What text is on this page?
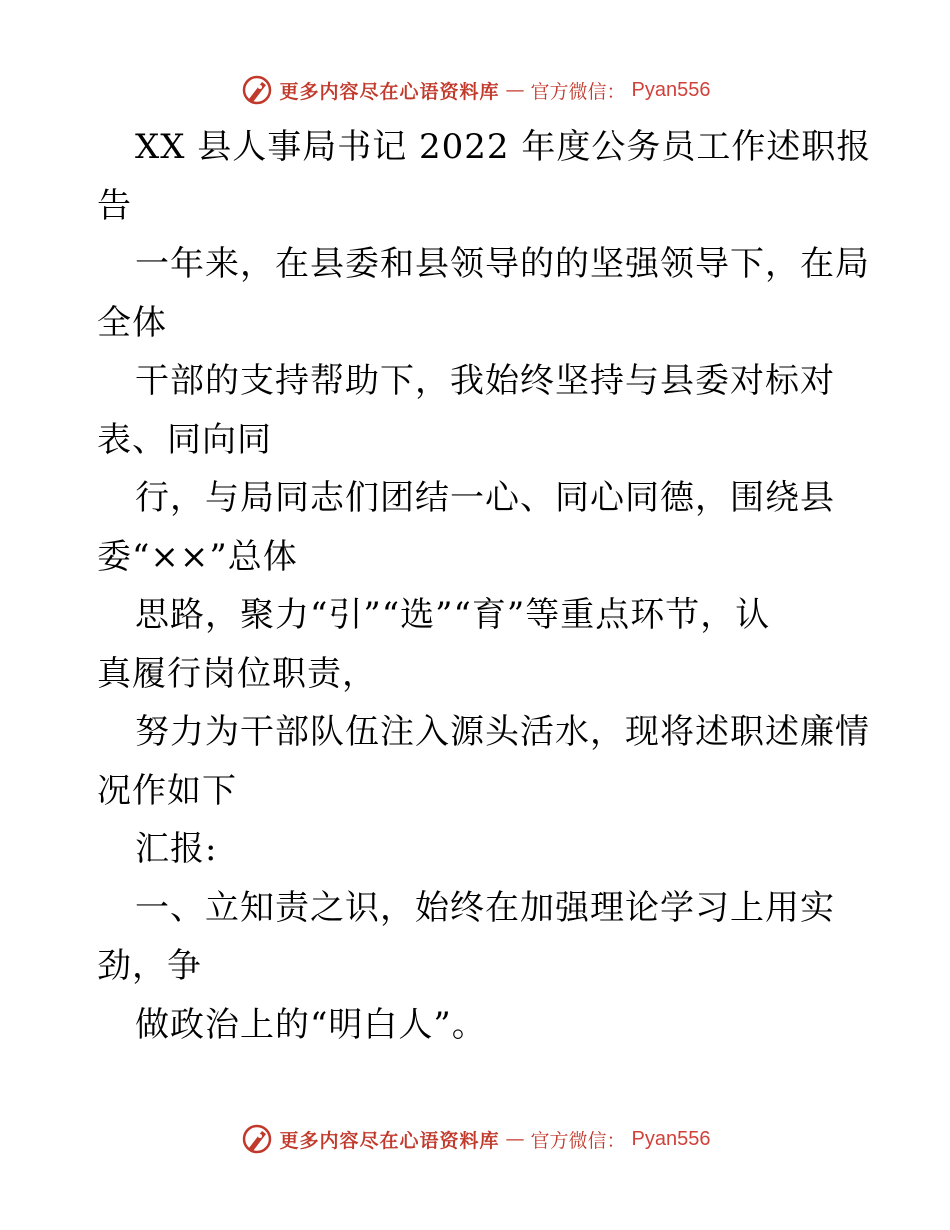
更多内容尽在心语资料库 — 官方微信： Pyan556
XX 县人事局书记 2022 年度公务员工作述职报
告
一年来，在县委和县领导的的坚强领导下，在局
全体
干部的支持帮助下，我始终坚持与县委对标对
表、同向同
行，与局同志们团结一心、同心同德，围绕县
委“××”总体
思路，聚力“引”“选”“育”等重点环节，认
真履行岗位职责，
努力为干部队伍注入源头活水，现将述职述廉情
况作如下
汇报:
一、立知责之识，始终在加强理论学习上用实
劲，争
做政治上的“明白人”。
更多内容尽在心语资料库 — 官方微信： Pyan556
